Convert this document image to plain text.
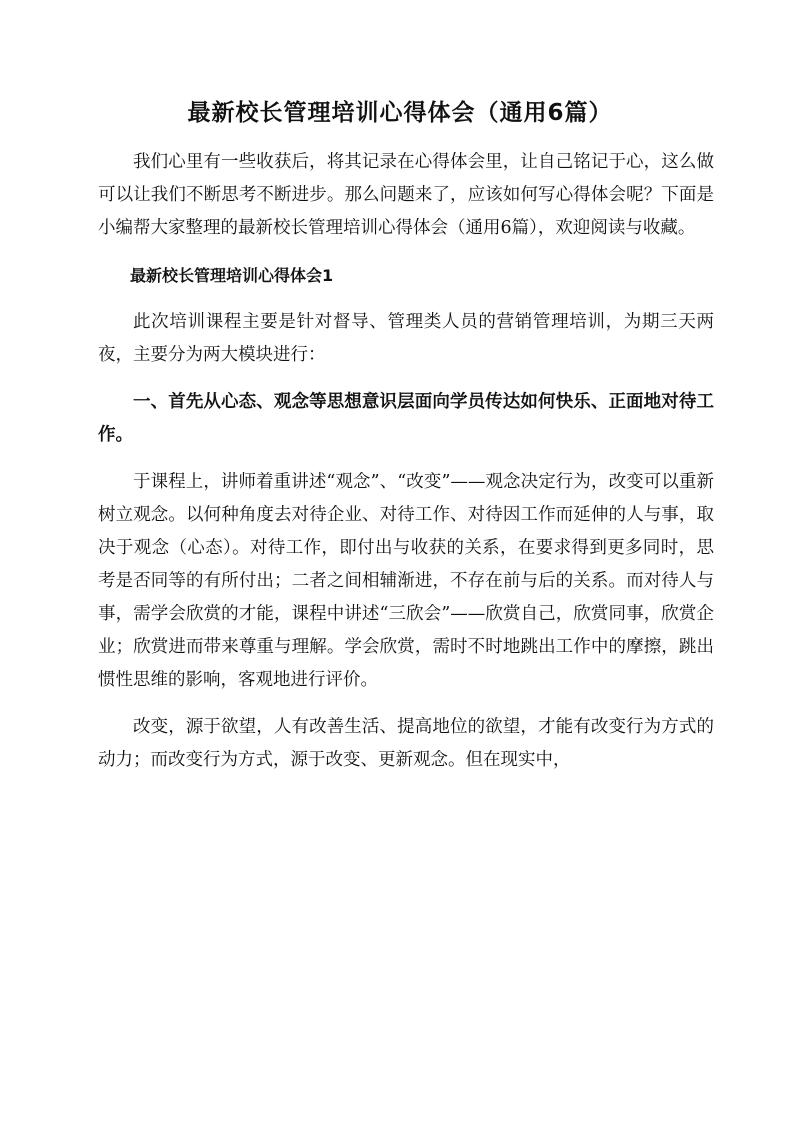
最新校长管理培训心得体会（通用6篇）

我们心里有一些收获后，将其记录在心得体会里，让自己铭记于心，这么做可以让我们不断思考不断进步。那么问题来了，应该如何写心得体会呢？下面是小编帮大家整理的最新校长管理培训心得体会（通用6篇），欢迎阅读与收藏。

最新校长管理培训心得体会1

此次培训课程主要是针对督导、管理类人员的营销管理培训，为期三天两夜，主要分为两大模块进行：

一、首先从心态、观念等思想意识层面向学员传达如何快乐、正面地对待工作。

于课程上，讲师着重讲述“观念”、“改变”——观念决定行为，改变可以重新树立观念。以何种角度去对待企业、对待工作、对待因工作而延伸的人与事，取决于观念（心态）。对待工作，即付出与收获的关系，在要求得到更多同时，思考是否同等的有所付出；二者之间相辅渐进，不存在前与后的关系。而对待人与事，需学会欣赏的才能，课程中讲述“三欣会”——欣赏自己，欣赏同事，欣赏企业；欣赏进而带来尊重与理解。学会欣赏，需时不时地跳出工作中的摩擦，跳出惯性思维的影响，客观地进行评价。

改变，源于欲望，人有改善生活、提高地位的欲望，才能有改变行为方式的动力；而改变行为方式，源于改变、更新观念。但在现实中，
